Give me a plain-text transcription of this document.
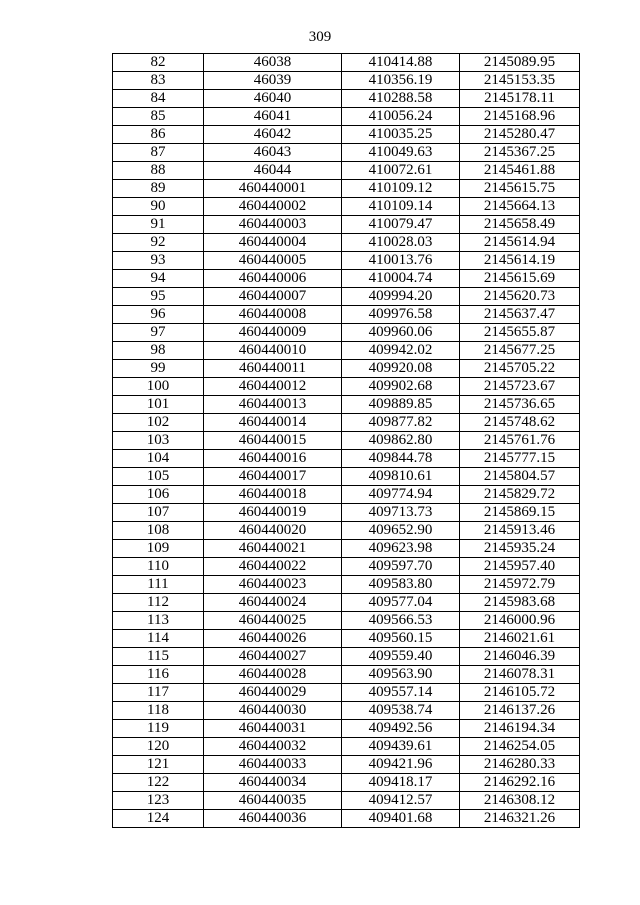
309
82	46038	410414.88	2145089.95
83	46039	410356.19	2145153.35
84	46040	410288.58	2145178.11
85	46041	410056.24	2145168.96
86	46042	410035.25	2145280.47
87	46043	410049.63	2145367.25
88	46044	410072.61	2145461.88
89	460440001	410109.12	2145615.75
90	460440002	410109.14	2145664.13
91	460440003	410079.47	2145658.49
92	460440004	410028.03	2145614.94
93	460440005	410013.76	2145614.19
94	460440006	410004.74	2145615.69
95	460440007	409994.20	2145620.73
96	460440008	409976.58	2145637.47
97	460440009	409960.06	2145655.87
98	460440010	409942.02	2145677.25
99	460440011	409920.08	2145705.22
100	460440012	409902.68	2145723.67
101	460440013	409889.85	2145736.65
102	460440014	409877.82	2145748.62
103	460440015	409862.80	2145761.76
104	460440016	409844.78	2145777.15
105	460440017	409810.61	2145804.57
106	460440018	409774.94	2145829.72
107	460440019	409713.73	2145869.15
108	460440020	409652.90	2145913.46
109	460440021	409623.98	2145935.24
110	460440022	409597.70	2145957.40
111	460440023	409583.80	2145972.79
112	460440024	409577.04	2145983.68
113	460440025	409566.53	2146000.96
114	460440026	409560.15	2146021.61
115	460440027	409559.40	2146046.39
116	460440028	409563.90	2146078.31
117	460440029	409557.14	2146105.72
118	460440030	409538.74	2146137.26
119	460440031	409492.56	2146194.34
120	460440032	409439.61	2146254.05
121	460440033	409421.96	2146280.33
122	460440034	409418.17	2146292.16
123	460440035	409412.57	2146308.12
124	460440036	409401.68	2146321.26
